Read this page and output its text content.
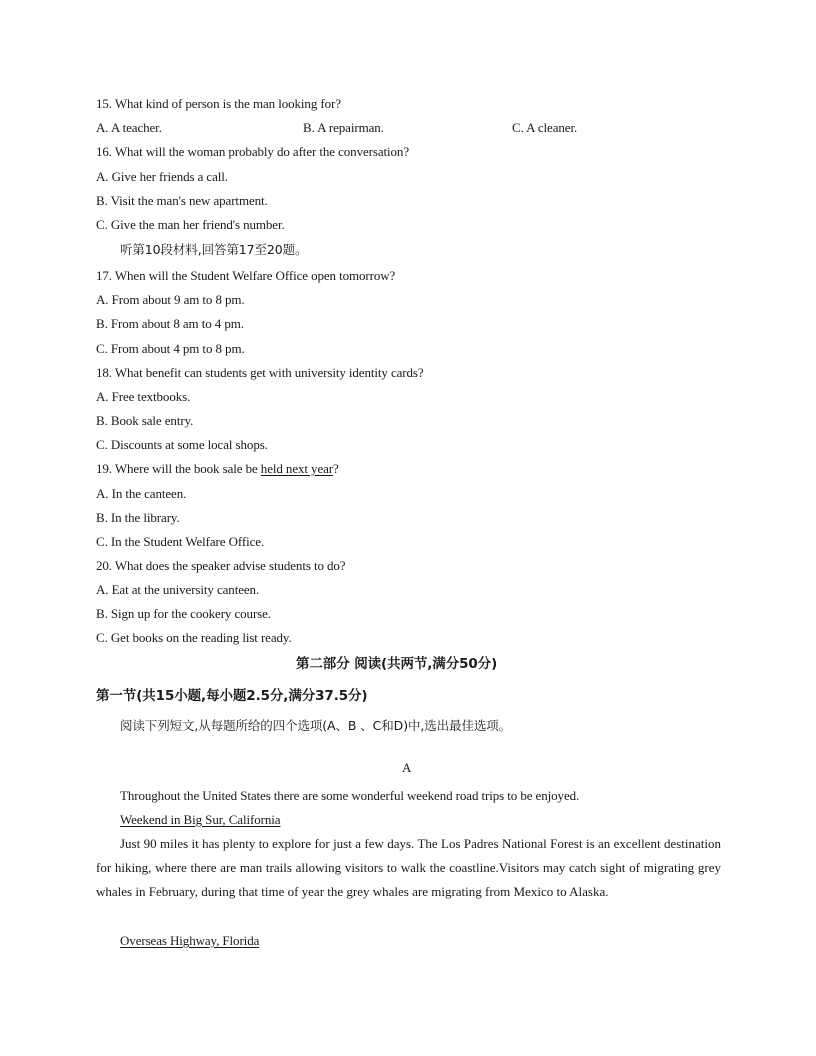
15. What kind of person is the man looking for?
A. A teacher.	B. A repairman.	C. A cleaner.
16. What will the woman probably do after the conversation?
A. Give her friends a call.
B. Visit the man's new apartment.
C. Give the man her friend's number.
听第10段材料,回答第17至20题。
17. When will the Student Welfare Office open tomorrow?
A. From about 9 am to 8 pm.
B. From about 8 am to 4 pm.
C. From about 4 pm to 8 pm.
18. What benefit can students get with university identity cards?
A. Free textbooks.
B. Book sale entry.
C. Discounts at some local shops.
19. Where will the book sale be held next year?
A. In the canteen.
B. In the library.
C. In the Student Welfare Office.
20. What does the speaker advise students to do?
A. Eat at the university canteen.
B. Sign up for the cookery course.
C. Get books on the reading list ready.
第二部分 阅读(共两节,满分50分)
第一节(共15小题,每小题2.5分,满分37.5分)
阅读下列短文,从每题所给的四个选项(A、B 、C和D)中,选出最佳选项。
A
Throughout the United States there are some wonderful weekend road trips to be enjoyed.
Weekend in Big Sur, California
Just 90 miles it has plenty to explore for just a few days. The Los Padres National Forest is an excellent destination for hiking, where there are man trails allowing visitors to walk the coastline.Visitors may catch sight of migrating grey whales in February, during that time of year the grey whales are migrating from Mexico to Alaska.
Overseas Highway, Florida
